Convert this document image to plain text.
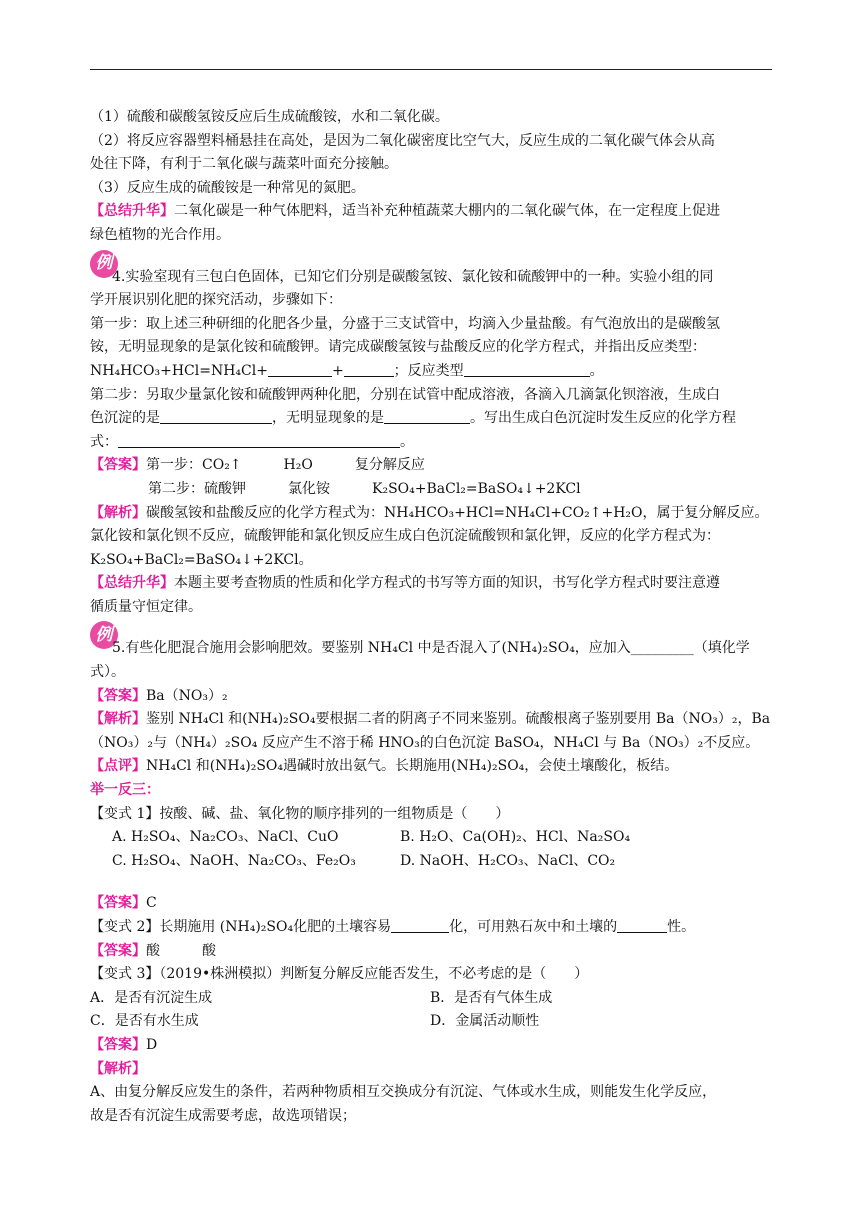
（1）硫酸和碳酸氢铵反应后生成硫酸铵，水和二氧化碳。

（2）将反应容器塑料桶悬挂在高处，是因为二氧化碳密度比空气大，反应生成的二氧化碳气体会从高

处往下降，有利于二氧化碳与蔬菜叶面充分接触。

（3）反应生成的硫酸铵是一种常见的氮肥。

【总结升华】二氧化碳是一种气体肥料，适当补充种植蔬菜大棚内的二氧化碳气体，在一定程度上促进

绿色植物的光合作用。

例

4.实验室现有三包白色固体，已知它们分别是碳酸氢铵、氯化铵和硫酸钾中的一种。实验小组的同

学开展识别化肥的探究活动，步骤如下：

第一步：取上述三种研细的化肥各少量，分盛于三支试管中，均滴入少量盐酸。有气泡放出的是碳酸氢

铵，无明显现象的是氯化铵和硫酸钾。请完成碳酸氢铵与盐酸反应的化学方程式，并指出反应类型：

NH₄HCO₃+HCl=NH₄Cl+	+	；反应类型	。

第二步：另取少量氯化铵和硫酸钾两种化肥，分别在试管中配成溶液，各滴入几滴氯化钡溶液，生成白

色沉淀的是	，无明显现象的是	。写出生成白色沉淀时发生反应的化学方程

式：	。

【答案】第一步：CO₂↑　　　H₂O　　　复分解反应

第二步：硫酸钾　　　氯化铵　　　K₂SO₄+BaCl₂=BaSO₄↓+2KCl

【解析】碳酸氢铵和盐酸反应的化学方程式为：NH₄HCO₃+HCl=NH₄Cl+CO₂↑+H₂O，属于复分解反应。

氯化铵和氯化钡不反应，硫酸钾能和氯化钡反应生成白色沉淀硫酸钡和氯化钾，反应的化学方程式为：

K₂SO₄+BaCl₂=BaSO₄↓+2KCl。

【总结升华】本题主要考查物质的性质和化学方程式的书写等方面的知识，书写化学方程式时要注意遵

循质量守恒定律。

例

5.有些化肥混合施用会影响肥效。要鉴别 NH₄Cl 中是否混入了(NH₄)₂SO₄，应加入_________（填化学

式）。

【答案】Ba（NO₃）₂

【解析】鉴别 NH₄Cl 和(NH₄)₂SO₄要根据二者的阴离子不同来鉴别。硫酸根离子鉴别要用 Ba（NO₃）₂，Ba

（NO₃）₂与（NH₄）₂SO₄ 反应产生不溶于稀 HNO₃的白色沉淀 BaSO₄，NH₄Cl 与 Ba（NO₃）₂不反应。

【点评】NH₄Cl 和(NH₄)₂SO₄遇碱时放出氨气。长期施用(NH₄)₂SO₄，会使土壤酸化，板结。

举一反三：

【变式 1】按酸、碱、盐、氧化物的顺序排列的一组物质是（　　）

A. H₂SO₄、Na₂CO₃、NaCl、CuO	B. H₂O、Ca(OH)₂、HCl、Na₂SO₄
C. H₂SO₄、NaOH、Na₂CO₃、Fe₂O₃	D. NaOH、H₂CO₃、NaCl、CO₂

【答案】C

【变式 2】长期施用 (NH₄)₂SO₄化肥的土壤容易	化，可用熟石灰中和土壤的	性。

【答案】酸　　　酸

【变式 3】（2019•株洲模拟）判断复分解反应能否发生，不必考虑的是（　　）

A．是否有沉淀生成	B．是否有气体生成
C．是否有水生成	D．金属活动顺性

【答案】D

【解析】

A、由复分解反应发生的条件，若两种物质相互交换成分有沉淀、气体或水生成，则能发生化学反应，

故是否有沉淀生成需要考虑，故选项错误；
